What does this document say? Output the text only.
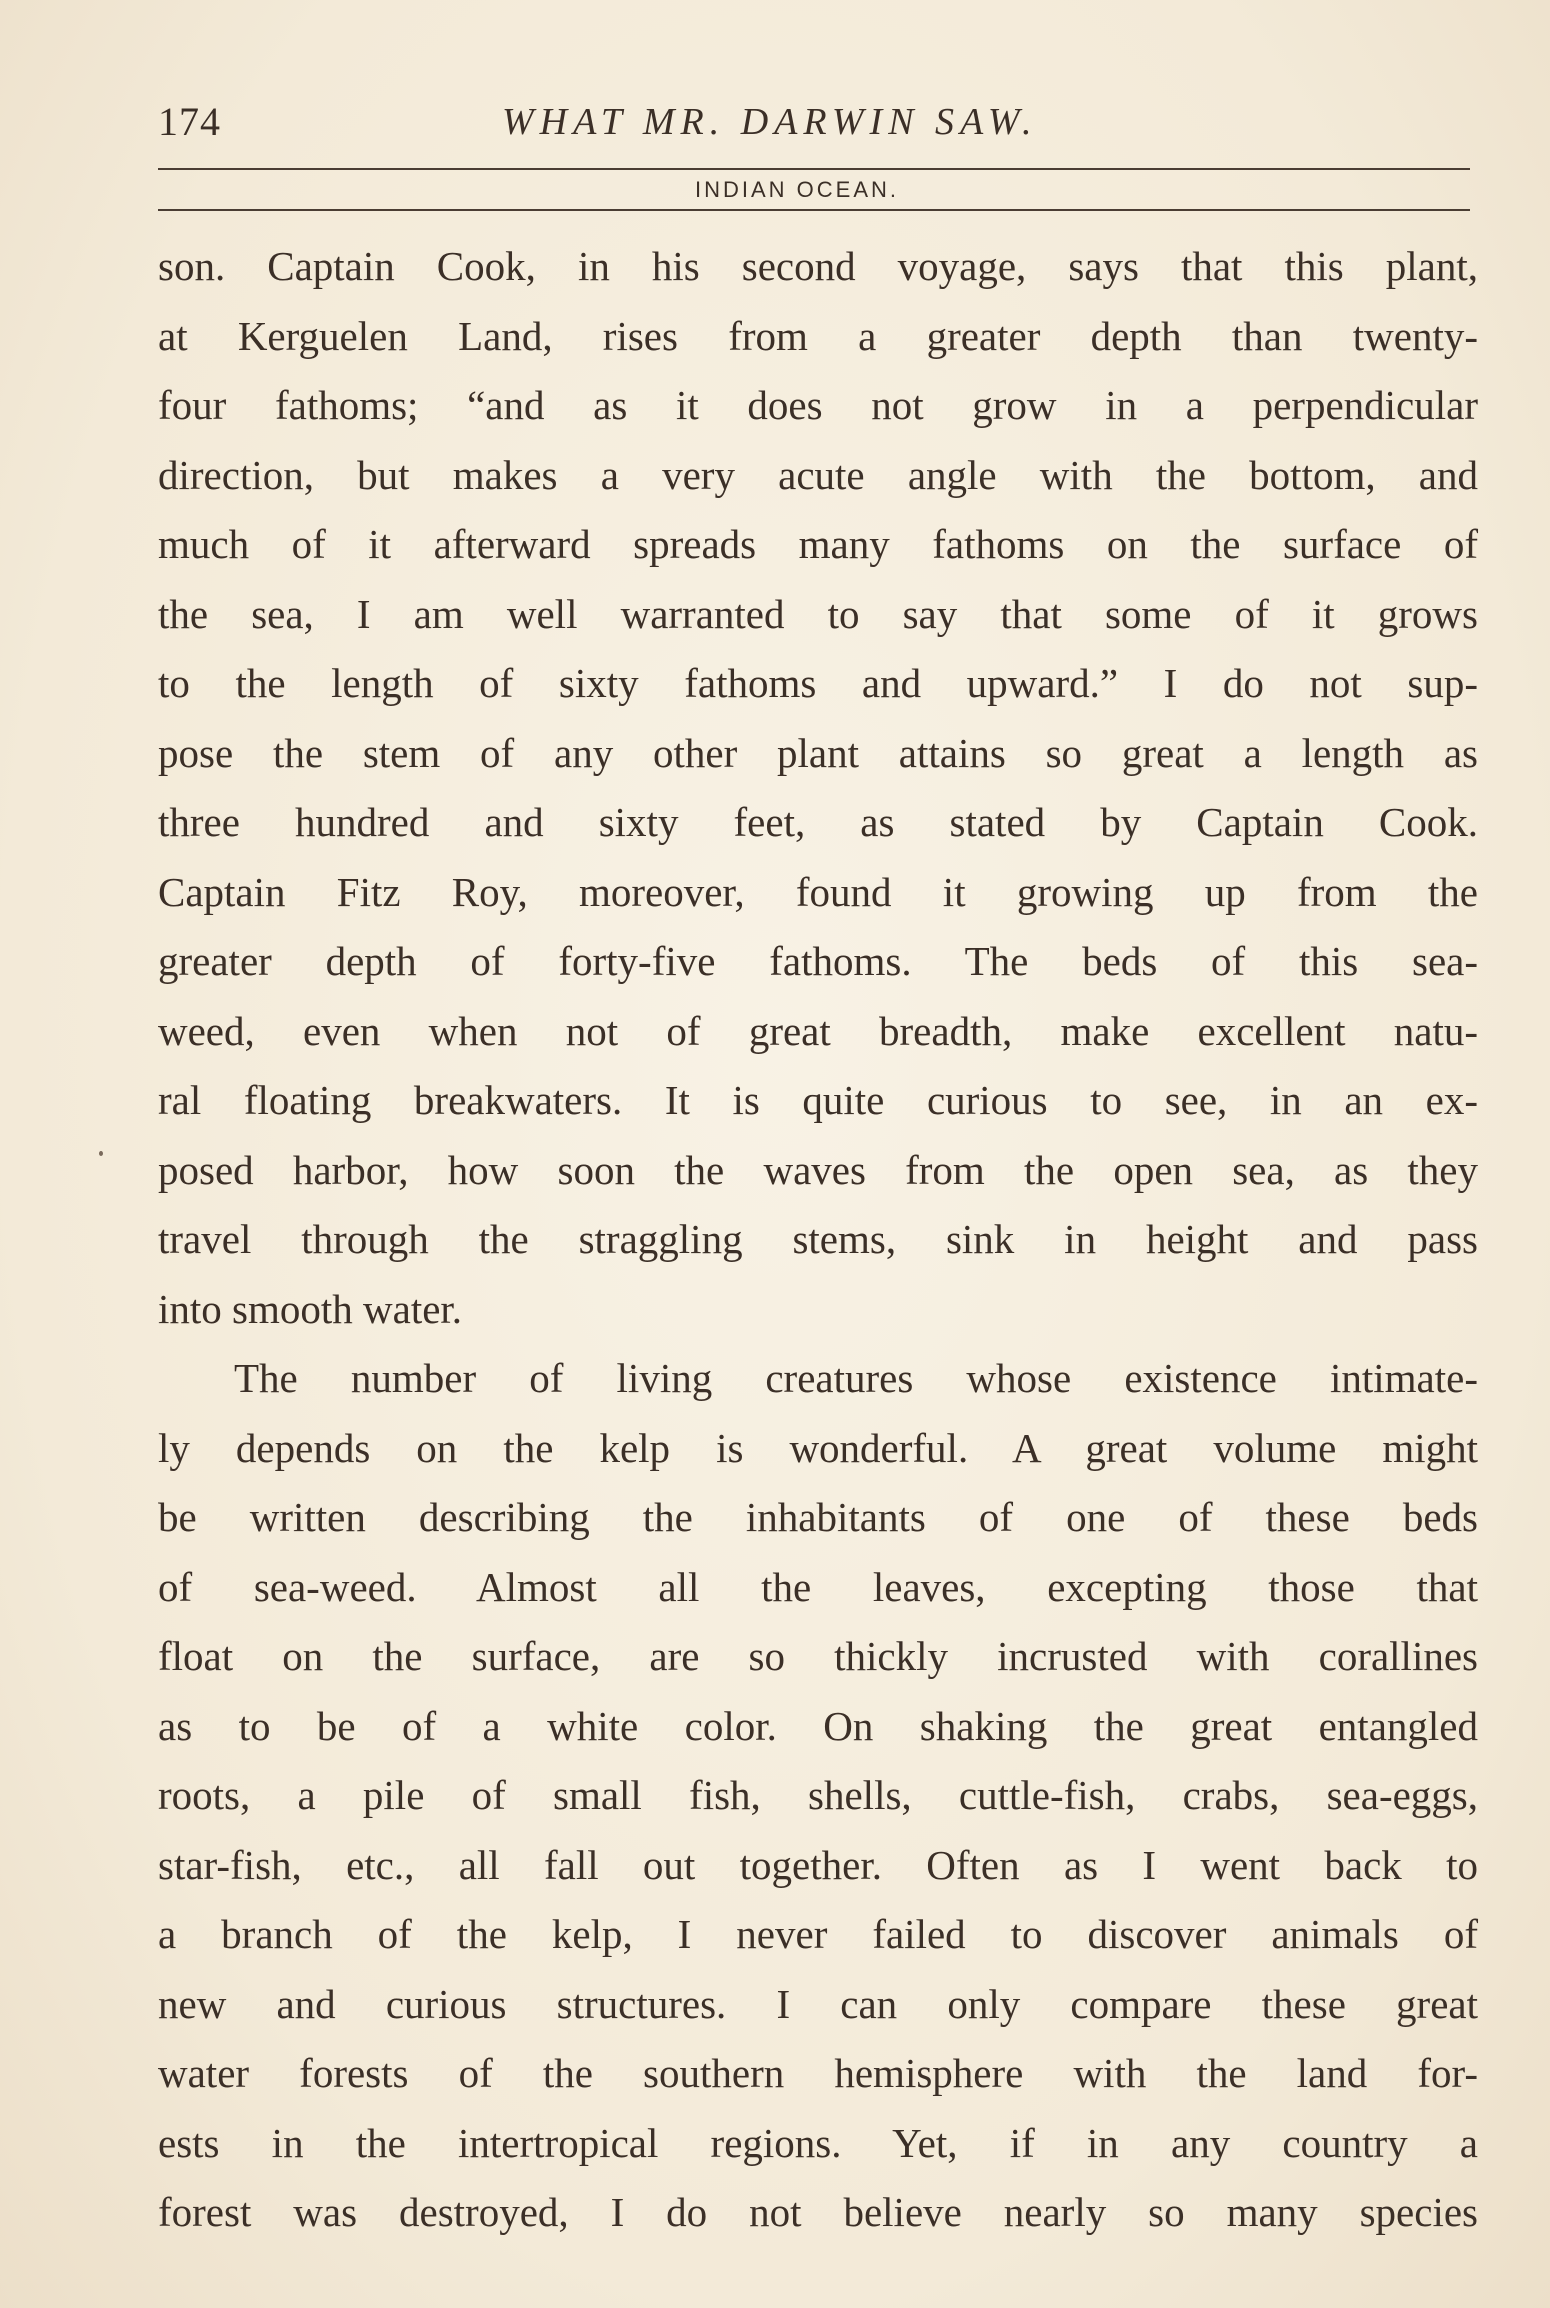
174	WHAT MR. DARWIN SAW.
INDIAN OCEAN.
son. Captain Cook, in his second voyage, says that this plant,
at Kerguelen Land, rises from a greater depth than twenty-
four fathoms; “and as it does not grow in a perpendicular
direction, but makes a very acute angle with the bottom, and
much of it afterward spreads many fathoms on the surface of
the sea, I am well warranted to say that some of it grows
to the length of sixty fathoms and upward.” I do not sup-
pose the stem of any other plant attains so great a length as
three hundred and sixty feet, as stated by Captain Cook.
Captain Fitz Roy, moreover, found it growing up from the
greater depth of forty-five fathoms. The beds of this sea-
weed, even when not of great breadth, make excellent natu-
ral floating breakwaters. It is quite curious to see, in an ex-
posed harbor, how soon the waves from the open sea, as they
travel through the straggling stems, sink in height and pass
into smooth water.
The number of living creatures whose existence intimate-
ly depends on the kelp is wonderful. A great volume might
be written describing the inhabitants of one of these beds
of sea-weed. Almost all the leaves, excepting those that
float on the surface, are so thickly incrusted with corallines
as to be of a white color. On shaking the great entangled
roots, a pile of small fish, shells, cuttle-fish, crabs, sea-eggs,
star-fish, etc., all fall out together. Often as I went back to
a branch of the kelp, I never failed to discover animals of
new and curious structures. I can only compare these great
water forests of the southern hemisphere with the land for-
ests in the intertropical regions. Yet, if in any country a
forest was destroyed, I do not believe nearly so many species
